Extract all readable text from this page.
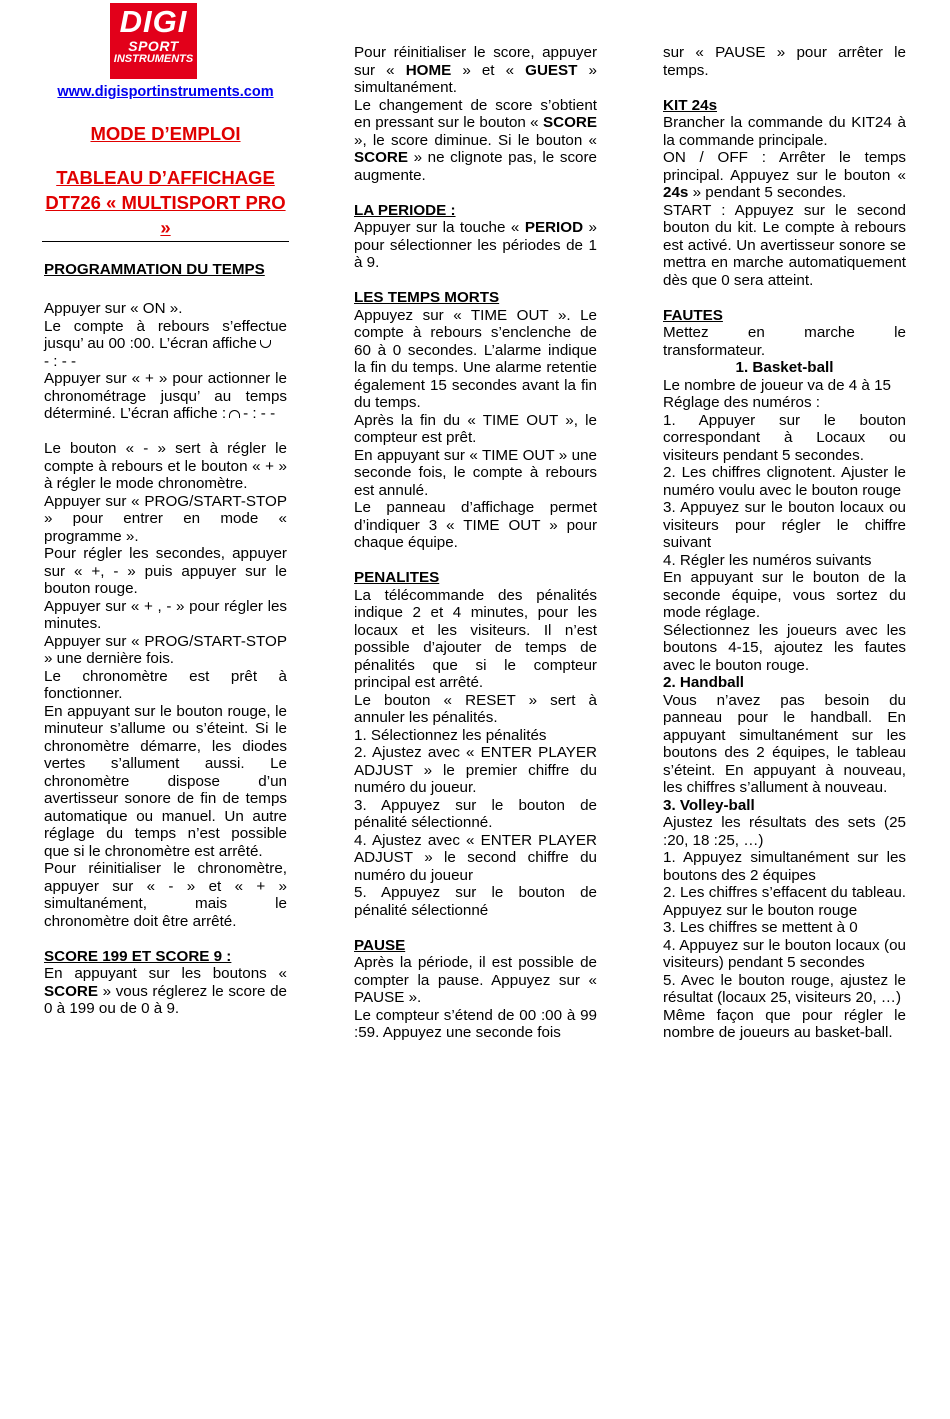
DIGI
SPORT
INSTRUMENTS
www.digisportinstruments.com
MODE D’EMPLOI
TABLEAU D’AFFICHAGE DT726 « MULTISPORT PRO »
PROGRAMMATION DU TEMPS

Appuyer sur « ON ».

Le compte à rebours s’effectue jusqu’ au 00 :00. L’écran affiche
- : - -

Appuyer sur « + » pour actionner le chronométrage jusqu’ au temps déterminé. L’écran affiche : - : - -

Le bouton « - » sert à régler le compte à rebours et le bouton « + » à régler le mode chronomètre.

Appuyer sur « PROG/START-STOP » pour entrer en mode « programme ».

Pour régler les secondes, appuyer sur « +, - » puis appuyer sur le bouton rouge.

Appuyer sur « + , - » pour régler les minutes.

Appuyer sur « PROG/START-STOP » une dernière fois.

Le chronomètre est prêt à fonctionner.

En appuyant sur le bouton rouge, le minuteur s’allume ou s’éteint. Si le chronomètre démarre, les diodes vertes s’allument aussi. Le chronomètre dispose d’un avertisseur sonore de fin de temps automatique ou manuel. Un autre réglage du temps n’est possible que si le chronomètre est arrêté.

Pour réinitialiser le chronomètre, appuyer sur « - » et « + » simultanément, mais le chronomètre doit être arrêté.

SCORE 199 ET SCORE 9 :

En appuyant sur les boutons « SCORE » vous réglerez le score de 0 à 199 ou de 0 à 9.

Pour réinitialiser le score, appuyer sur « HOME » et « GUEST » simultanément.

Le changement de score s’obtient en pressant sur le bouton « SCORE », le score diminue. Si le bouton « SCORE » ne clignote pas, le score augmente.

LA PERIODE :

Appuyer sur la touche « PERIOD » pour sélectionner les périodes de 1 à 9.

LES TEMPS MORTS

Appuyez sur « TIME OUT ». Le compte à rebours s’enclenche de 60 à 0 secondes. L’alarme indique la fin du temps. Une alarme retentie également 15 secondes avant la fin du temps.

Après la fin du « TIME OUT », le compteur est prêt.

En appuyant sur « TIME OUT » une seconde fois, le compte à rebours est annulé.

Le panneau d’affichage permet d’indiquer 3 « TIME OUT » pour chaque équipe.

PENALITES

La télécommande des pénalités indique 2 et 4 minutes, pour les locaux et les visiteurs. Il n’est possible d’ajouter de temps de pénalités que si le compteur principal est arrêté.

Le bouton « RESET » sert à annuler les pénalités.

1. Sélectionnez les pénalités

2. Ajustez avec « ENTER PLAYER ADJUST » le premier chiffre du numéro du joueur.

3. Appuyez sur le bouton de pénalité sélectionné.

4. Ajustez avec « ENTER PLAYER ADJUST » le second chiffre du numéro du joueur

5. Appuyez sur le bouton de pénalité sélectionné

PAUSE

Après la période, il est possible de compter la pause. Appuyez sur « PAUSE ».

Le compteur s’étend de 00 :00 à 99 :59. Appuyez une seconde fois

sur « PAUSE » pour arrêter le temps.

KIT 24s

Brancher la commande du KIT24 à la commande principale.

ON / OFF : Arrêter le temps principal. Appuyez sur le bouton « 24s » pendant 5 secondes.

START : Appuyez sur le second bouton du kit. Le compte à rebours est activé. Un avertisseur sonore se mettra en marche automatiquement dès que 0 sera atteint.

FAUTES

Mettez en marche le transformateur.

1. Basket-ball

Le nombre de joueur va de 4 à 15

Réglage des numéros :

1. Appuyer sur le bouton correspondant à Locaux ou visiteurs pendant 5 secondes.

2. Les chiffres clignotent. Ajuster le numéro voulu avec le bouton rouge

3. Appuyez sur le bouton locaux ou visiteurs pour régler le chiffre suivant

4. Régler les numéros suivants

En appuyant sur le bouton de la seconde équipe, vous sortez du mode réglage.

Sélectionnez les joueurs avec les boutons 4-15, ajoutez les fautes avec le bouton rouge.

2. Handball

Vous n’avez pas besoin du panneau pour le handball. En appuyant simultanément sur les boutons des 2 équipes, le tableau s’éteint. En appuyant à nouveau, les chiffres s’allument à nouveau.

3. Volley-ball

Ajustez les résultats des sets (25 :20, 18 :25, …)

1. Appuyez simultanément sur les boutons des 2 équipes

2. Les chiffres s’effacent du tableau. Appuyez sur le bouton rouge

3. Les chiffres se mettent à 0

4. Appuyez sur le bouton locaux (ou visiteurs) pendant 5 secondes

5. Avec le bouton rouge, ajustez le résultat (locaux 25, visiteurs 20, …)

Même façon que pour régler le nombre de joueurs au basket-ball.
